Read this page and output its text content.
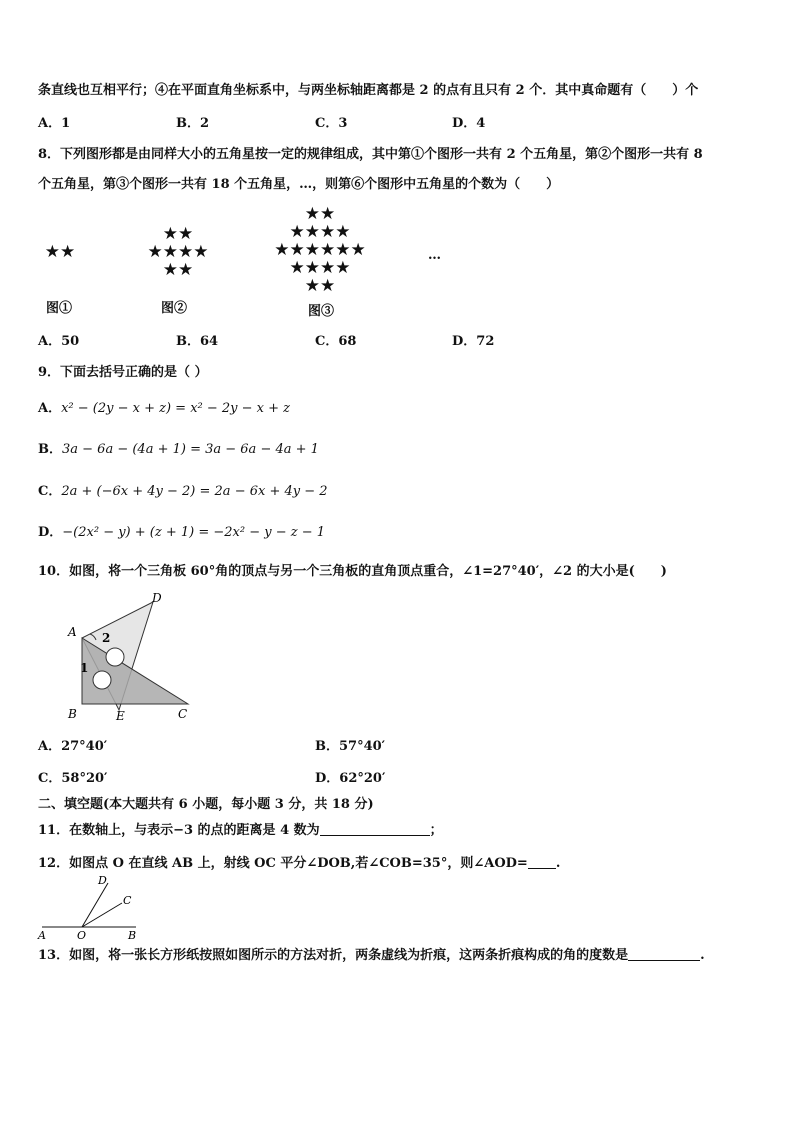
条直线也互相平行；④在平面直角坐标系中，与两坐标轴距离都是 2 的点有且只有 2 个．其中真命题有（　　）个
A．1	B．2	C．3	D．4
8．下列图形都是由同样大小的五角星按一定的规律组成，其中第①个图形一共有 2 个五角星，第②个图形一共有 8
个五角星，第③个图形一共有 18 个五角星，…，则第⑥个图形中五角星的个数为（　　）
★★
★★
★★★★
★★
★★
★★★★
★★★★★★
★★★★
★★
…
图①	图②	图③
A．50	B．64	C．68	D．72
9．下面去括号正确的是（ ）
A．x² − (2y − x + z) = x² − 2y − x + z
B．3a − 6a − (4a + 1) = 3a − 6a − 4a + 1
C．2a + (−6x + 4y − 2) = 2a − 6x + 4y − 2
D．−(2x² − y) + (z + 1) = −2x² − y − z − 1
10．如图，将一个三角板 60°角的顶点与另一个三角板的直角顶点重合，∠1=27°40′，∠2 的大小是(　　)
A
D
B	E	C
2
1
A．27°40′	B．57°40′
C．58°20′	D．62°20′
二、填空题(本大题共有 6 小题，每小题 3 分，共 18 分)
11．在数轴上，与表示−3 的点的距离是 4 数为	；
12．如图点 O 在直线 AB 上，射线 OC 平分∠DOB,若∠COB=35°，则∠AOD= .
D
C
A	O	B
13．如图，将一张长方形纸按照如图所示的方法对折，两条虚线为折痕，这两条折痕构成的角的度数是	.
